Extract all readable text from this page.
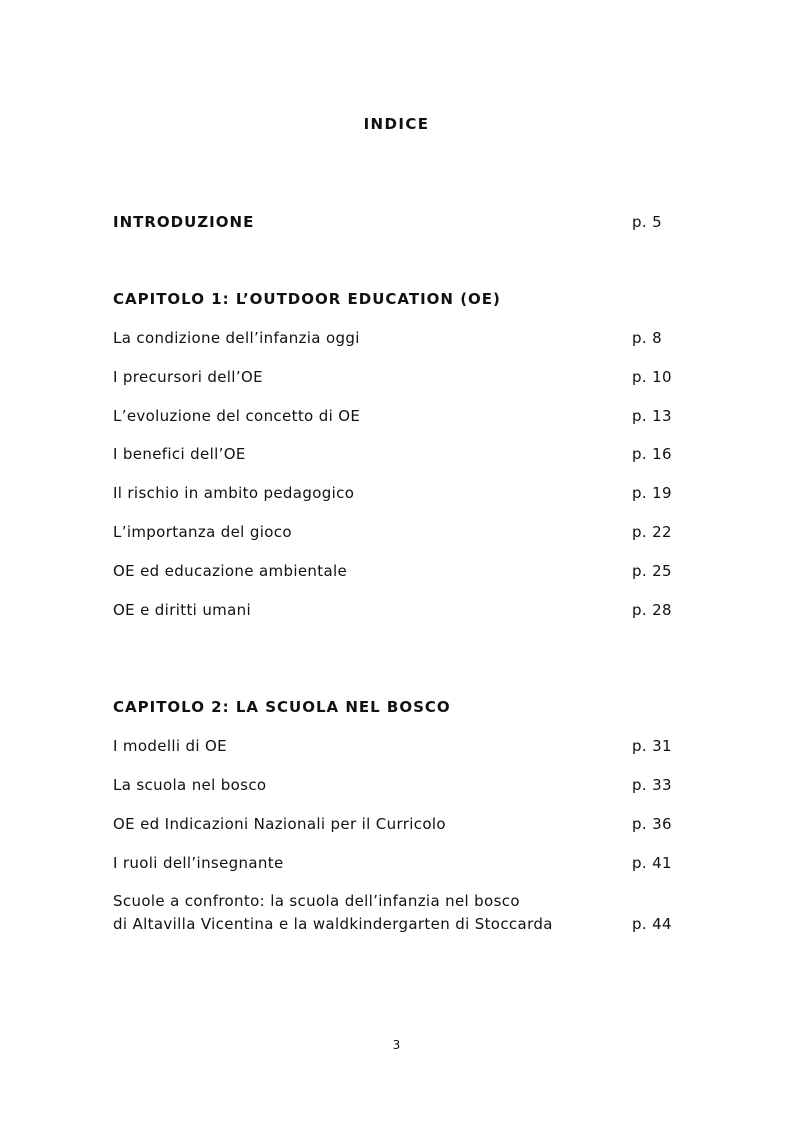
INDICE
INTRODUZIONE	p. 5
CAPITOLO 1: L’OUTDOOR EDUCATION (OE)
La condizione dell’infanzia oggi	p. 8
I precursori dell’OE	p. 10
L’evoluzione del concetto di OE	p. 13
I benefici dell’OE	p. 16
Il rischio in ambito pedagogico	p. 19
L’importanza del gioco	p. 22
OE ed educazione ambientale	p. 25
OE e diritti umani	p. 28
CAPITOLO 2: LA SCUOLA NEL BOSCO
I modelli di OE	p. 31
La scuola nel bosco	p. 33
OE ed Indicazioni Nazionali per il Curricolo	p. 36
I ruoli dell’insegnante	p. 41
Scuole a confronto: la scuola dell’infanzia nel bosco
di Altavilla Vicentina e la waldkindergarten di Stoccarda	p. 44
3
